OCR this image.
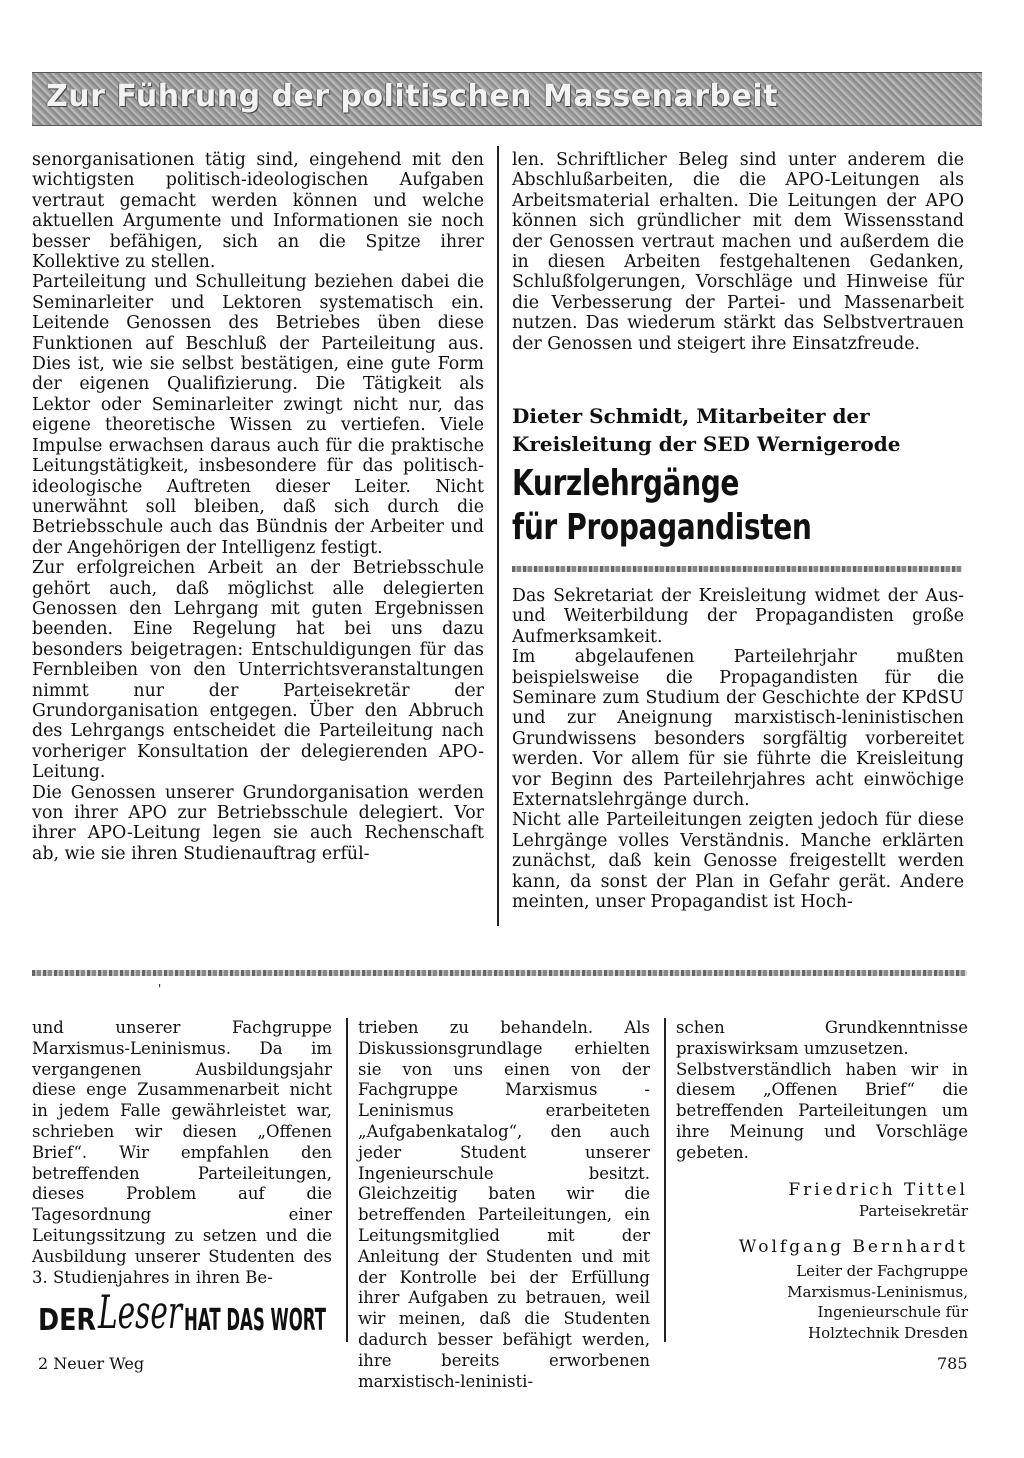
Zur Führung der politischen Massenarbeit

senorganisationen tätig sind, eingehend mit den wichtigsten politisch-ideologischen Aufgaben vertraut gemacht werden können und welche aktuellen Argumente und Informationen sie noch besser befähigen, sich an die Spitze ihrer Kollektive zu stellen.

Parteileitung und Schulleitung beziehen dabei die Seminarleiter und Lektoren systematisch ein. Leitende Genossen des Betriebes üben diese Funktionen auf Beschluß der Parteileitung aus. Dies ist, wie sie selbst bestätigen, eine gute Form der eigenen Qualifizierung. Die Tätigkeit als Lektor oder Seminarleiter zwingt nicht nur, das eigene theoretische Wissen zu vertiefen. Viele Impulse erwachsen daraus auch für die praktische Leitungstätigkeit, insbesondere für das politisch-ideologische Auftreten dieser Leiter. Nicht unerwähnt soll bleiben, daß sich durch die Betriebsschule auch das Bündnis der Arbeiter und der Angehörigen der Intelligenz festigt.

Zur erfolgreichen Arbeit an der Betriebsschule gehört auch, daß möglichst alle delegierten Genossen den Lehrgang mit guten Ergebnissen beenden. Eine Regelung hat bei uns dazu besonders beigetragen: Entschuldigungen für das Fernbleiben von den Unterrichtsveranstaltungen nimmt nur der Parteisekretär der Grundorganisation entgegen. Über den Abbruch des Lehrgangs entscheidet die Parteileitung nach vorheriger Konsultation der delegierenden APO-Leitung.

Die Genossen unserer Grundorganisation werden von ihrer APO zur Betriebsschule delegiert. Vor ihrer APO-Leitung legen sie auch Rechenschaft ab, wie sie ihren Studienauftrag erfül-

len. Schriftlicher Beleg sind unter anderem die Abschlußarbeiten, die die APO-Leitungen als Arbeitsmaterial erhalten. Die Leitungen der APO können sich gründlicher mit dem Wissensstand der Genossen vertraut machen und außerdem die in diesen Arbeiten festgehaltenen Gedanken, Schlußfolgerungen, Vorschläge und Hinweise für die Verbesserung der Partei- und Massenarbeit nutzen. Das wiederum stärkt das Selbstvertrauen der Genossen und steigert ihre Einsatzfreude.

Dieter Schmidt, Mitarbeiter der Kreisleitung der SED Wernigerode

Kurzlehrgänge
für Propagandisten

Das Sekretariat der Kreisleitung widmet der Aus- und Weiterbildung der Propagandisten große Aufmerksamkeit.

Im abgelaufenen Parteilehrjahr mußten beispielsweise die Propagandisten für die Seminare zum Studium der Geschichte der KPdSU und zur Aneignung marxistisch-leninistischen Grundwissens besonders sorgfältig vorbereitet werden. Vor allem für sie führte die Kreisleitung vor Beginn des Parteilehrjahres acht einwöchige Externatslehrgänge durch.

Nicht alle Parteileitungen zeigten jedoch für diese Lehrgänge volles Verständnis. Manche erklärten zunächst, daß kein Genosse freigestellt werden kann, da sonst der Plan in Gefahr gerät. Andere meinten, unser Propagandist ist Hoch-

'

und unserer Fachgruppe Marxismus-Leninismus. Da im vergangenen Ausbildungsjahr diese enge Zusammenarbeit nicht in jedem Falle gewährleistet war, schrieben wir diesen „Offenen Brief“. Wir empfahlen den betreffenden Parteileitungen, dieses Problem auf die Tagesordnung einer Leitungssitzung zu setzen und die Ausbildung unserer Studenten des 3. Studienjahres in ihren Be-

trieben zu behandeln. Als Diskussionsgrundlage erhielten sie von uns einen von der Fachgruppe Marxismus - Leninismus erarbeiteten „Aufgabenkatalog“, den auch jeder Student unserer Ingenieurschule besitzt. Gleichzeitig baten wir die betreffenden Parteileitungen, ein Leitungsmitglied mit der Anleitung der Studenten und mit der Kontrolle bei der Erfüllung ihrer Aufgaben zu betrauen, weil wir meinen, daß die Studenten dadurch besser befähigt werden, ihre bereits erworbenen marxistisch-leninisti-

schen Grundkenntnisse praxiswirksam umzusetzen.

Selbstverständlich haben wir in diesem „Offenen Brief“ die betreffenden Parteileitungen um ihre Meinung und Vorschläge gebeten.

Friedrich Tittel

Parteisekretär

Wolfgang Bernhardt

Leiter der Fachgruppe
Marxismus-Leninismus,
Ingenieurschule für
Holztechnik Dresden

DER Leser HAT DAS WORT

2 Neuer Weg	785
